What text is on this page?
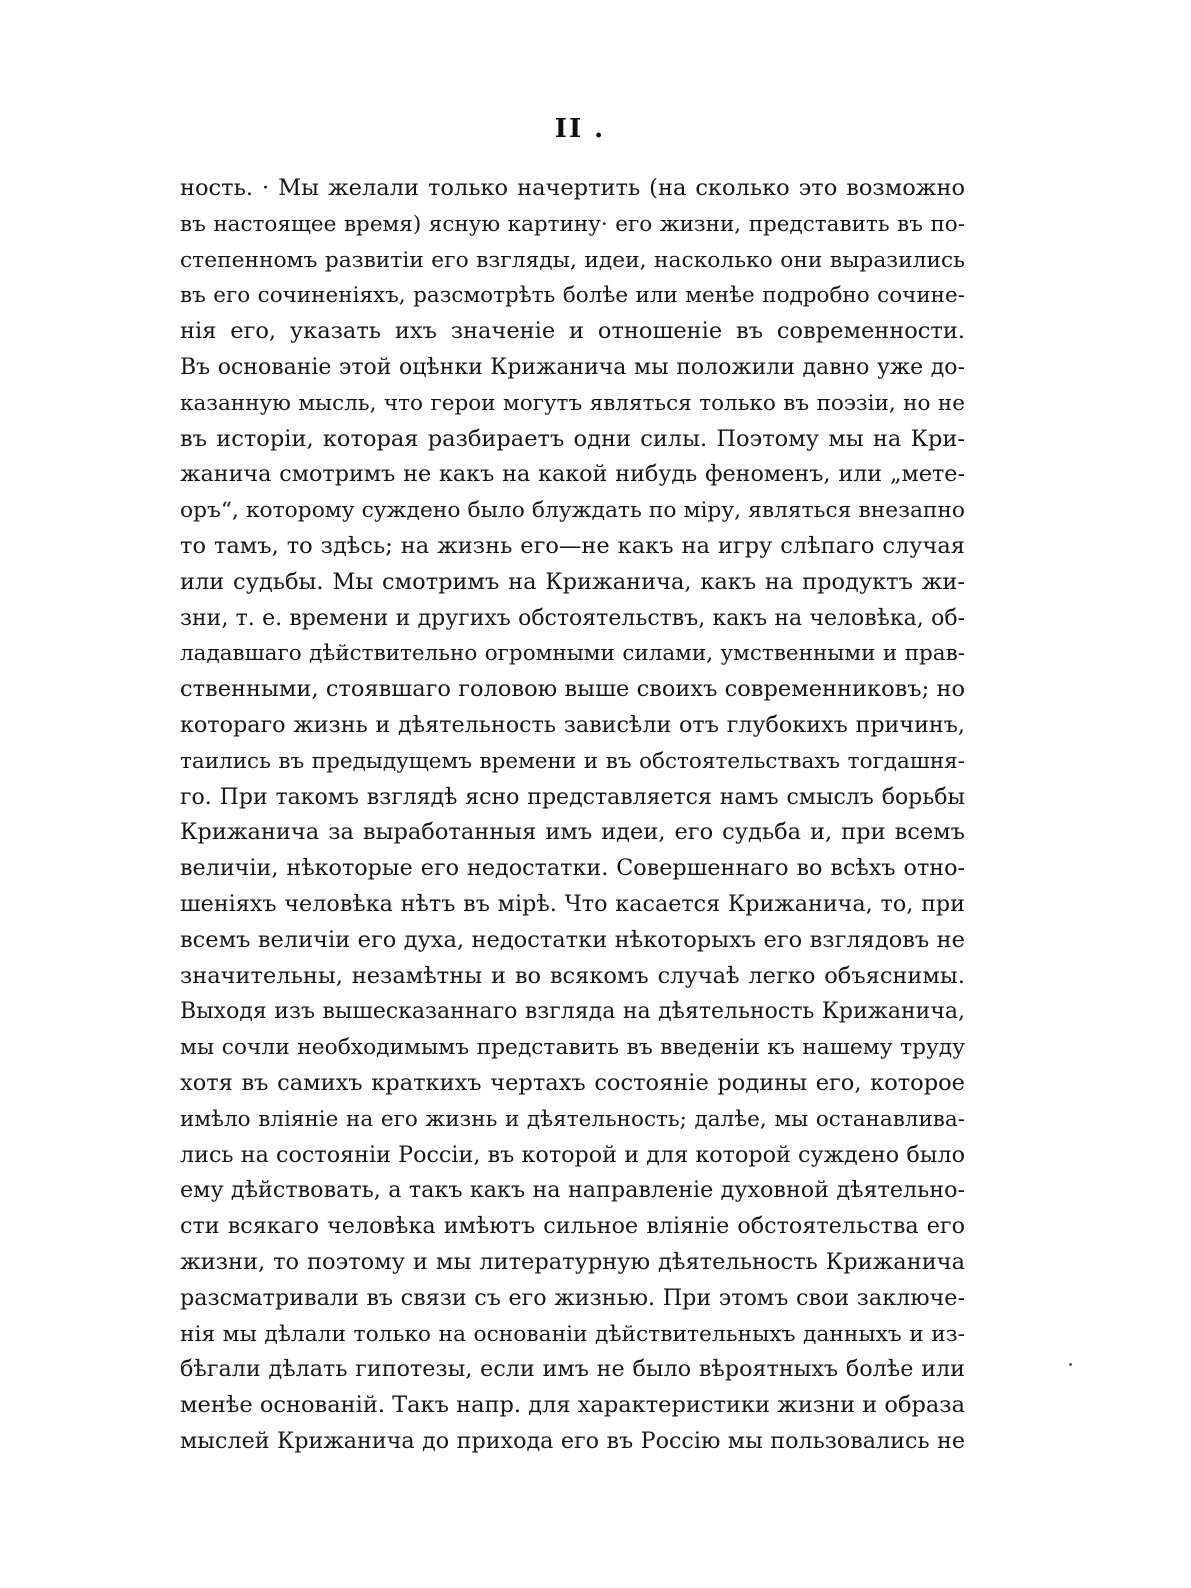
II .
ность. · Мы желали только начертить (на сколько это возможно
въ настоящее время) ясную картину· его жизни, представить въ по-
степенномъ развитіи его взгляды, идеи, насколько они выразились
въ его сочиненіяхъ, разсмотрѣть болѣе или менѣе подробно сочине-
нія его, указать ихъ значеніе и отношеніе въ современности.
Въ основаніе этой оцѣнки Крижанича мы положили давно уже до-
казанную мысль, что герои могутъ являться только въ поэзіи, но не
въ исторіи, которая разбираетъ одни силы. Поэтому мы на Кри-
жанича смотримъ не какъ на какой нибудь феноменъ, или „мете-
оръ“, которому суждено было блуждать по міру, являться внезапно
то тамъ, то здѣсь; на жизнь его—не какъ на игру слѣпаго случая
или судьбы. Мы смотримъ на Крижанича, какъ на продуктъ жи-
зни, т. е. времени и другихъ обстоятельствъ, какъ на человѣка, об-
ладавшаго дѣйствительно огромными силами, умственными и прав-
ственными, стоявшаго головою выше своихъ современниковъ; но
котораго жизнь и дѣятельность зависѣли отъ глубокихъ причинъ,
таились въ предыдущемъ времени и въ обстоятельствахъ тогдашня-
го. При такомъ взглядѣ ясно представляется намъ смыслъ борьбы
Крижанича за выработанныя имъ идеи, его судьба и, при всемъ
величіи, нѣкоторые его недостатки. Совершеннаго во всѣхъ отно-
шеніяхъ человѣка нѣтъ въ мірѣ. Что касается Крижанича, то, при
всемъ величіи его духа, недостатки нѣкоторыхъ его взглядовъ не
значительны, незамѣтны и во всякомъ случаѣ легко объяснимы.
Выходя изъ вышесказаннаго взгляда на дѣятельность Крижанича,
мы сочли необходимымъ представить въ введеніи къ нашему труду
хотя въ самихъ краткихъ чертахъ состояніе родины его, которое
имѣло вліяніе на его жизнь и дѣятельность; далѣе, мы останавлива-
лись на состояніи Россіи, въ которой и для которой суждено было
ему дѣйствовать, а такъ какъ на направленіе духовной дѣятельно-
сти всякаго человѣка имѣютъ сильное вліяніе обстоятельства его
жизни, то поэтому и мы литературную дѣятельность Крижанича
разсматривали въ связи съ его жизнью. При этомъ свои заключе-
нія мы дѣлали только на основаніи дѣйствительныхъ данныхъ и из-
бѣгали дѣлать гипотезы, если имъ не было вѣроятныхъ болѣе или
менѣе основаній. Такъ напр. для характеристики жизни и образа
мыслей Крижанича до прихода его въ Россію мы пользовались не
